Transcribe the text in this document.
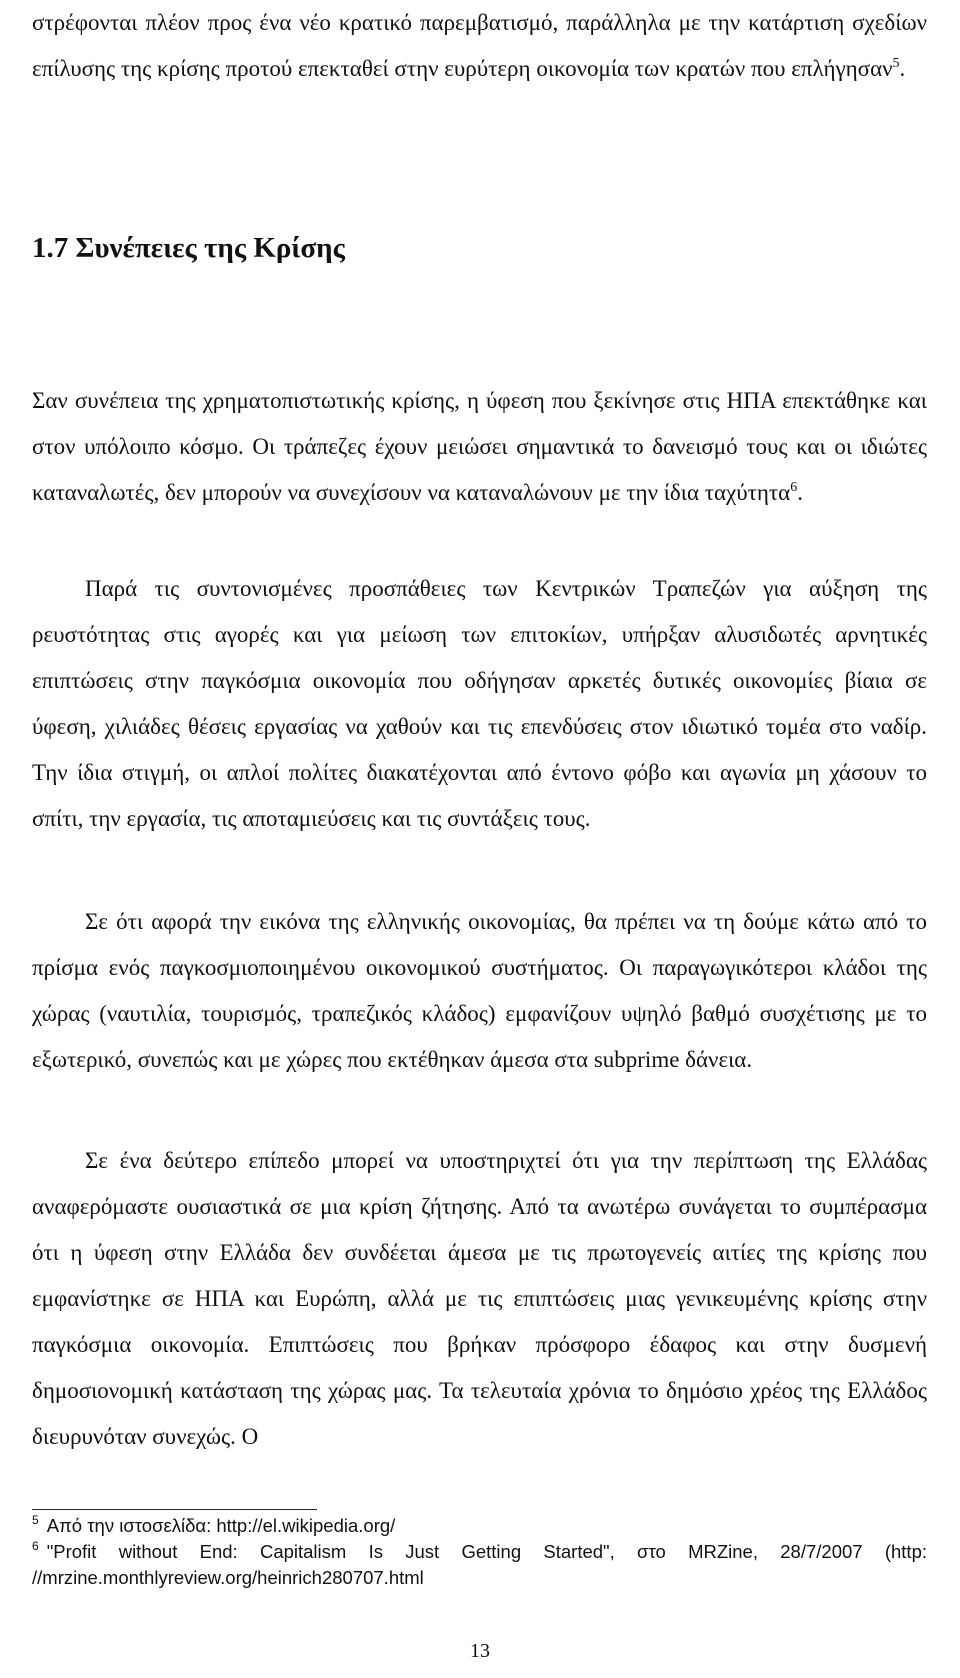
στρέφονται πλέον προς ένα νέο κρατικό παρεμβατισμό, παράλληλα με την κατάρτιση σχεδίων επίλυσης της κρίσης προτού επεκταθεί στην ευρύτερη οικονομία των κρατών που επλήγησαν$^5$.
1.7 Συνέπειες της Κρίσης
Σαν συνέπεια της χρηματοπιστωτικής κρίσης, η ύφεση που ξεκίνησε στις ΗΠΑ επεκτάθηκε και στον υπόλοιπο κόσμο. Οι τράπεζες έχουν μειώσει σημαντικά το δανεισμό τους και οι ιδιώτες καταναλωτές, δεν μπορούν να συνεχίσουν να καταναλώνουν με την ίδια ταχύτητα$^6$.
Παρά τις συντονισμένες προσπάθειες των Κεντρικών Τραπεζών για αύξηση της ρευστότητας στις αγορές και για μείωση των επιτοκίων, υπήρξαν αλυσιδωτές αρνητικές επιπτώσεις στην παγκόσμια οικονομία που οδήγησαν αρκετές δυτικές οικονομίες βίαια σε ύφεση, χιλιάδες θέσεις εργασίας να χαθούν και τις επενδύσεις στον ιδιωτικό τομέα στο ναδίρ. Την ίδια στιγμή, οι απλοί πολίτες διακατέχονται από έντονο φόβο και αγωνία μη χάσουν το σπίτι, την εργασία, τις αποταμιεύσεις και τις συντάξεις τους.
Σε ότι αφορά την εικόνα της ελληνικής οικονομίας, θα πρέπει να τη δούμε κάτω από το πρίσμα ενός παγκοσμιοποιημένου οικονομικού συστήματος. Οι παραγωγικότεροι κλάδοι της χώρας (ναυτιλία, τουρισμός, τραπεζικός κλάδος) εμφανίζουν υψηλό βαθμό συσχέτισης με το εξωτερικό, συνεπώς και με χώρες που εκτέθηκαν άμεσα στα subprime δάνεια.
Σε ένα δεύτερο επίπεδο μπορεί να υποστηριχτεί ότι για την περίπτωση της Ελλάδας αναφερόμαστε ουσιαστικά σε μια κρίση ζήτησης. Από τα ανωτέρω συνάγεται το συμπέρασμα ότι η ύφεση στην Ελλάδα δεν συνδέεται άμεσα με τις πρωτογενείς αιτίες της κρίσης που εμφανίστηκε σε ΗΠΑ και Ευρώπη, αλλά με τις επιπτώσεις μιας γενικευμένης κρίσης στην παγκόσμια οικονομία. Επιπτώσεις που βρήκαν πρόσφορο έδαφος και στην δυσμενή δημοσιονομική κατάσταση της χώρας μας. Τα τελευταία χρόνια το δημόσιο χρέος της Ελλάδος διευρυνόταν συνεχώς. Ο
$^5$ Από την ιστοσελίδα: http://el.wikipedia.org/
$^6$ "Profit without End: Capitalism Is Just Getting Started", στο MRZine, 28/7/2007 (http: //mrzine.monthlyreview.org/heinrich280707.html
13
